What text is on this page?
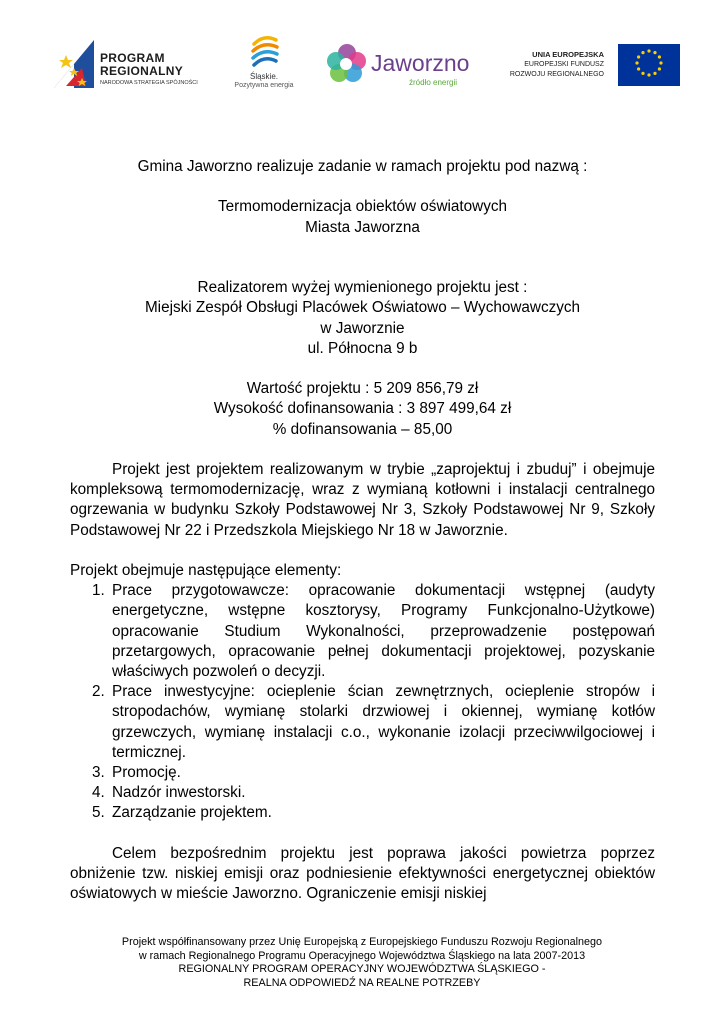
PROGRAM
REGIONALNY
NARODOWA STRATEGIA SPÓJNOŚCI
Śląskie.
Pozytywna energia
Jaworzno
źródło energii
UNIA EUROPEJSKA
EUROPEJSKI FUNDUSZ
ROZWOJU REGIONALNEGO

Gmina Jaworzno realizuje zadanie w ramach projektu pod nazwą :

Termomodernizacja obiektów oświatowych

Miasta Jaworzna

Realizatorem wyżej wymienionego projektu jest :

Miejski Zespół Obsługi Placówek Oświatowo – Wychowawczych

w Jaworznie

ul. Północna 9 b

Wartość projektu : 5 209 856,79 zł

Wysokość dofinansowania : 3 897 499,64 zł

% dofinansowania – 85,00

Projekt jest projektem realizowanym w trybie „zaprojektuj i zbuduj” i obejmuje kompleksową termomodernizację, wraz z wymianą kotłowni i instalacji centralnego ogrzewania w budynku Szkoły Podstawowej Nr 3, Szkoły Podstawowej Nr 9, Szkoły Podstawowej Nr 22 i Przedszkola Miejskiego Nr 18 w Jaworznie.

Projekt obejmuje następujące elementy:

1. Prace przygotowawcze: opracowanie dokumentacji wstępnej (audyty energetyczne, wstępne kosztorysy, Programy Funkcjonalno-Użytkowe) opracowanie Studium Wykonalności, przeprowadzenie postępowań przetargowych, opracowanie pełnej dokumentacji projektowej, pozyskanie właściwych pozwoleń o decyzji.
2. Prace inwestycyjne: ocieplenie ścian zewnętrznych, ocieplenie stropów i stropodachów, wymianę stolarki drzwiowej i okiennej, wymianę kotłów grzewczych, wymianę instalacji c.o., wykonanie izolacji przeciwwilgociowej i termicznej.
3. Promocję.
4. Nadzór inwestorski.
5. Zarządzanie projektem.

Celem bezpośrednim projektu jest poprawa jakości powietrza poprzez obniżenie tzw. niskiej emisji oraz podniesienie efektywności energetycznej obiektów oświatowych w mieście Jaworzno. Ograniczenie emisji niskiej

Projekt współfinansowany przez Unię Europejską z Europejskiego Funduszu Rozwoju Regionalnego
w ramach Regionalnego Programu Operacyjnego Województwa Śląskiego na lata 2007-2013
REGIONALNY PROGRAM OPERACYJNY WOJEWÓDZTWA ŚLĄSKIEGO -
REALNA ODPOWIEDŹ NA REALNE POTRZEBY
